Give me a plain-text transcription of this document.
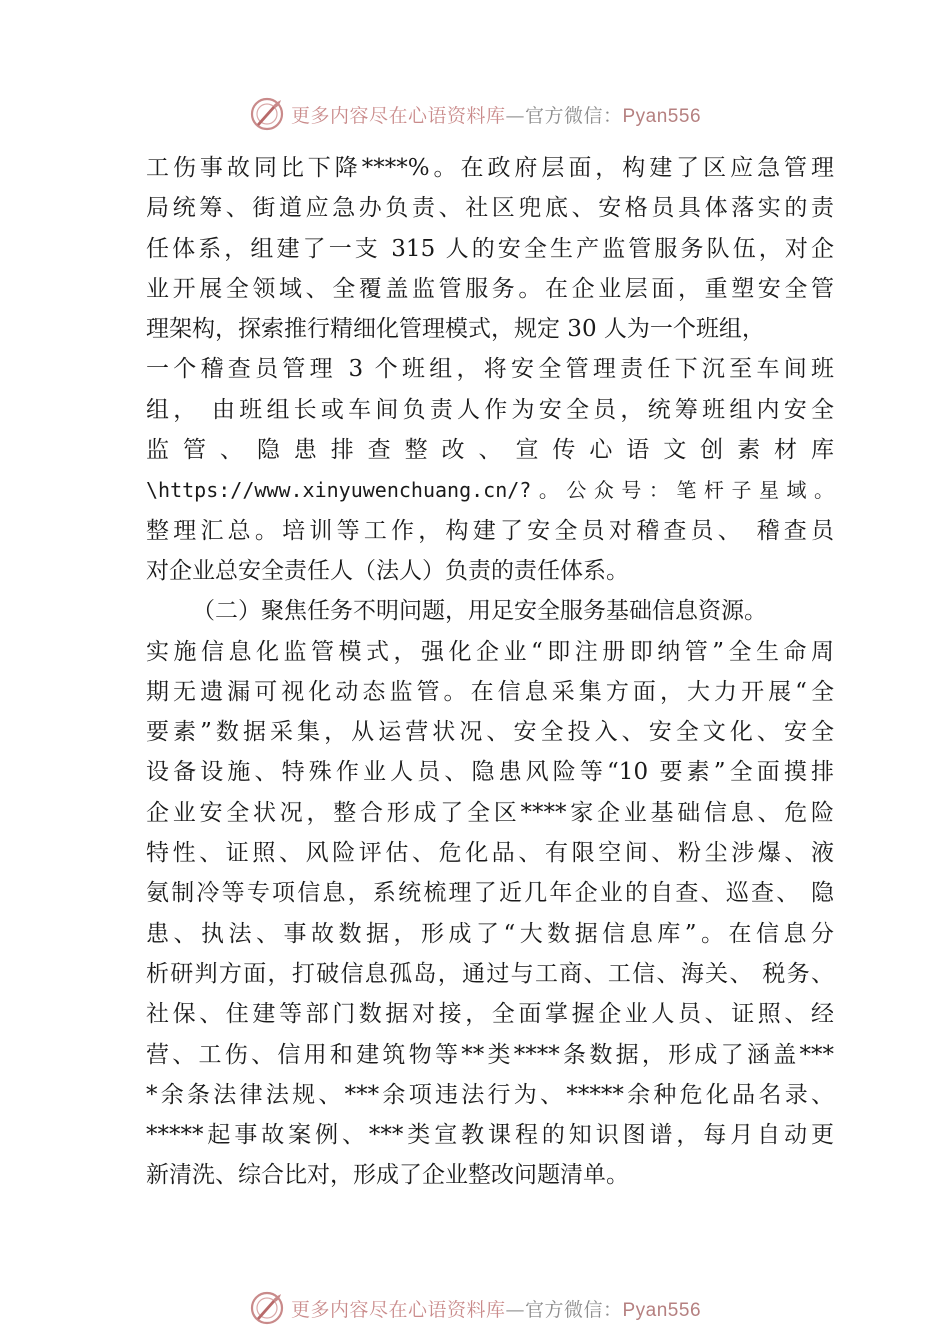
更多内容尽在心语资料库—官方微信：Pyan556
工伤事故同比下降****%。在政府层面，构建了区应急管理
局统筹、街道应急办负责、社区兜底、安格员具体落实的责
任体系，组建了一支 315 人的安全生产监管服务队伍，对企
业开展全领域、全覆盖监管服务。在企业层面，重塑安全管
理架构，探索推行精细化管理模式，规定 30 人为一个班组，
一个稽查员管理 3 个班组，将安全管理责任下沉至车间班
组， 由班组长或车间负责人作为安全员，统筹班组内安全
监 管 、 隐 患 排 查 整 改 、 宣 传 心 语 文 创 素 材 库
\https://www.xinyuwenchuang.cn/?。公众号：笔杆子星域。
整理汇总。培训等工作，构建了安全员对稽查员、 稽查员
对企业总安全责任人（法人）负责的责任体系。
（二）聚焦任务不明问题，用足安全服务基础信息资源。
实施信息化监管模式，强化企业“即注册即纳管”全生命周
期无遗漏可视化动态监管。在信息采集方面，大力开展“全
要素”数据采集，从运营状况、安全投入、安全文化、安全
设备设施、特殊作业人员、隐患风险等“10 要素”全面摸排
企业安全状况，整合形成了全区****家企业基础信息、危险
特性、证照、风险评估、危化品、有限空间、粉尘涉爆、液
氨制冷等专项信息，系统梳理了近几年企业的自查、巡查、 隐
患、执法、事故数据，形成了“大数据信息库”。在信息分
析研判方面，打破信息孤岛，通过与工商、工信、海关、 税务、
社保、住建等部门数据对接，全面掌握企业人员、证照、经
营、工伤、信用和建筑物等**类****条数据，形成了涵盖***
*余条法律法规、***余项违法行为、*****余种危化品名录、
*****起事故案例、***类宣教课程的知识图谱，每月自动更
新清洗、综合比对，形成了企业整改问题清单。
更多内容尽在心语资料库—官方微信：Pyan556
